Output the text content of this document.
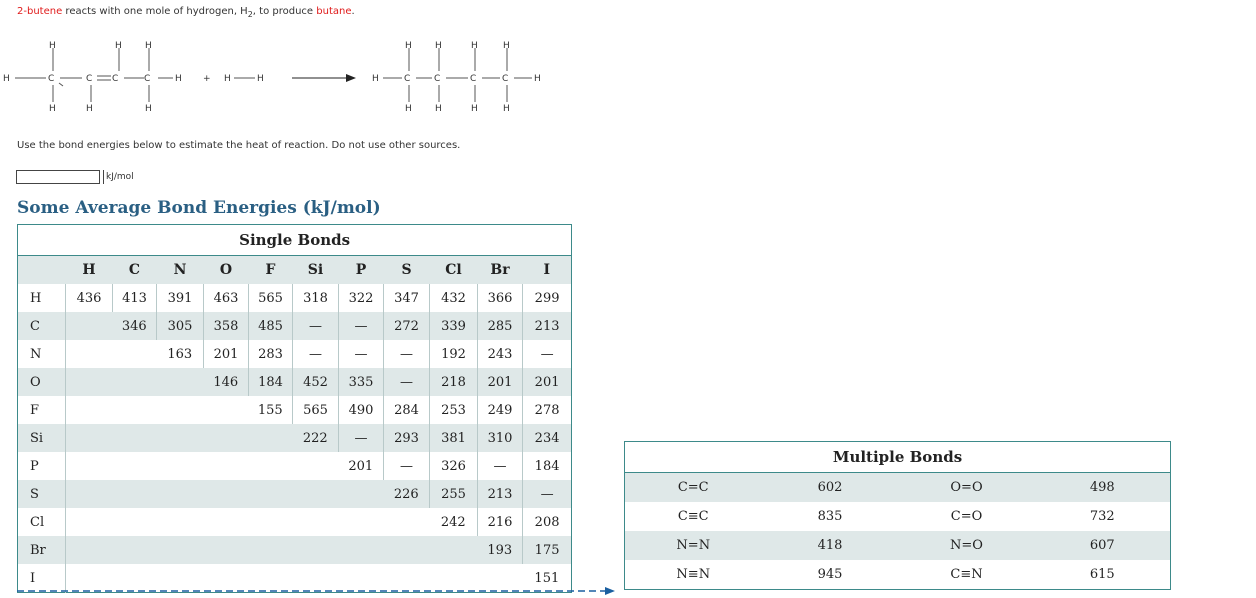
2-butene reacts with one mole of hydrogen, $H_2$, to produce butane.
H	H	H
H	C	C C	C	H
H	H	H
+ H	H
H	H	H	H
H	C	C	C	C	H
H	H	H	H
Use the bond energies below to estimate the heat of reaction. Do not use other sources.
kJ/mol
Some Average Bond Energies (kJ/mol)
Single Bonds											
	H	C	N	O	F	Si	P	S	Cl	Br	I
H	436	413	391	463	565	318	322	347	432	366	299
C		346	305	358	485	—	—	272	339	285	213
N			163	201	283	—	—	—	192	243	—
O				146	184	452	335	—	218	201	201
F					155	565	490	284	253	249	278
Si						222	—	293	381	310	234
P							201	—	326	—	184
S								226	255	213	—
Cl									242	216	208
Br										193	175
I											151
Multiple Bonds			
C=C	602	O=O	498
C≡C	835	C=O	732
N=N	418	N=O	607
N≡N	945	C≡N	615
